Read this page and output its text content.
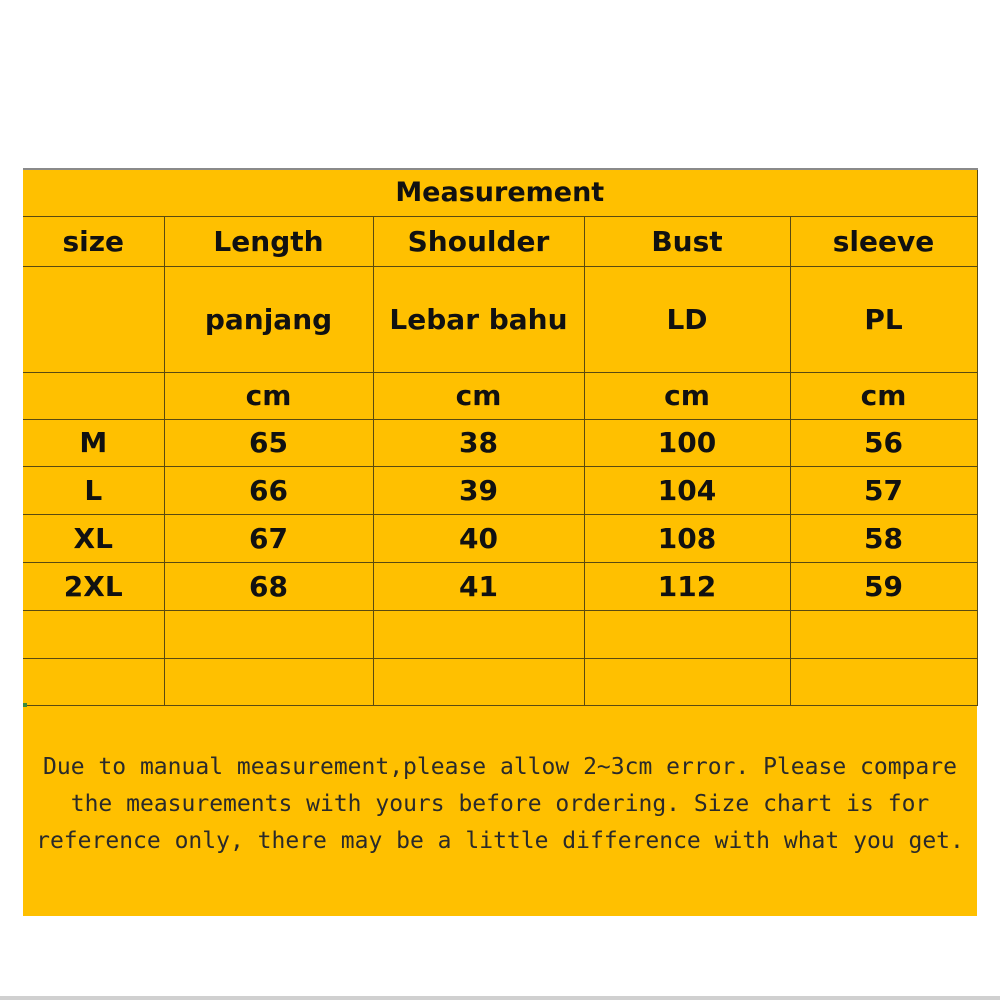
Measurement				
size	Length	Shoulder	Bust	sleeve
	panjang	Lebar bahu	LD	PL
	cm	cm	cm	cm
M	65	38	100	56
L	66	39	104	57
XL	67	40	108	58
2XL	68	41	112	59

Due to manual measurement,please allow 2~3cm error. Please compare the measurements with yours before ordering. Size chart is for reference only, there may be a little difference with what you get.
